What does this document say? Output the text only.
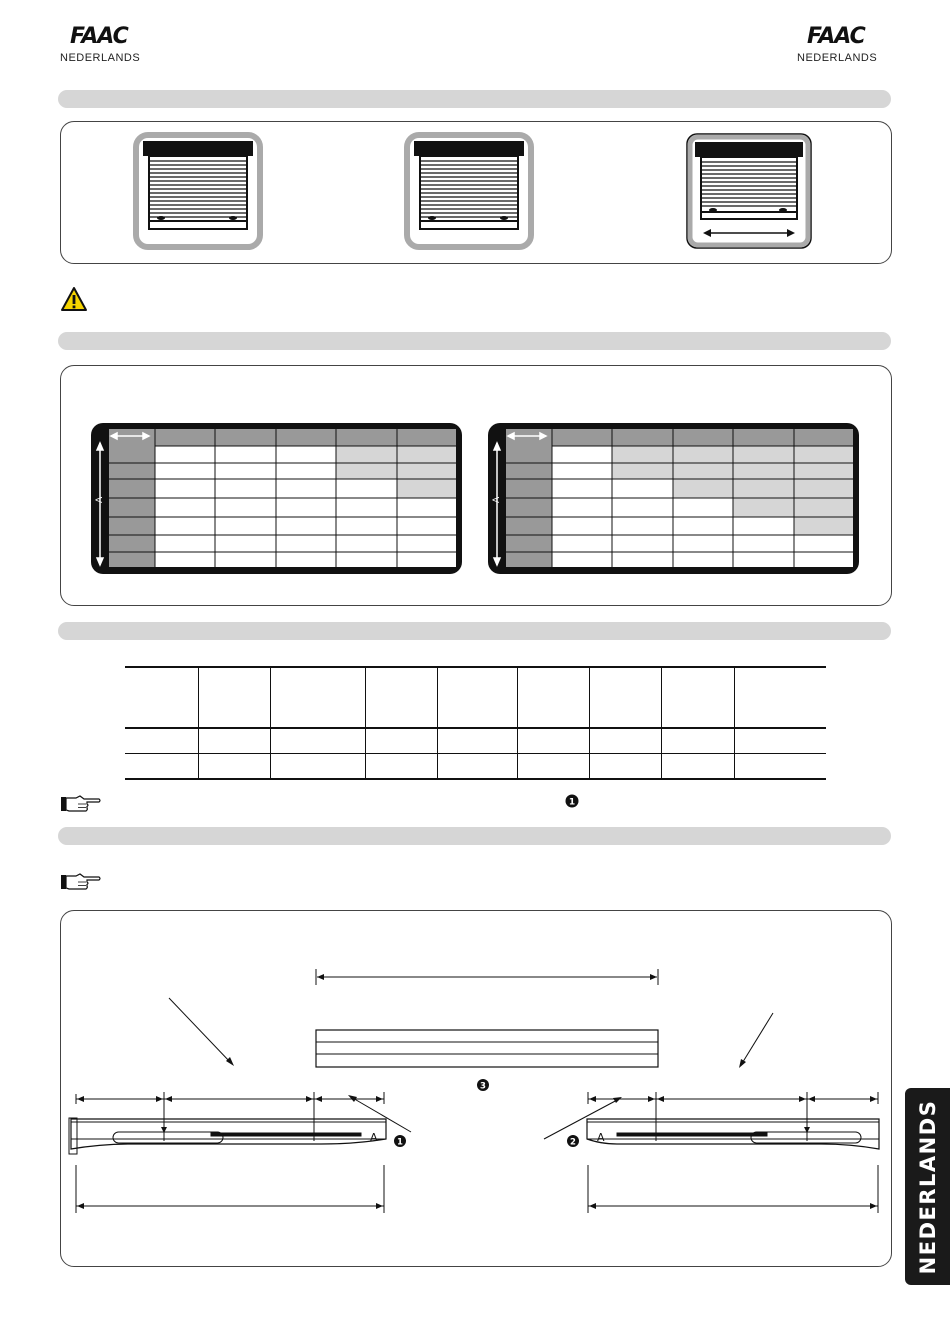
FAAC
NEDERLANDS
FAAC
NEDERLANDS
A	A

1
A	A
3
1	2	NEDERLANDS
